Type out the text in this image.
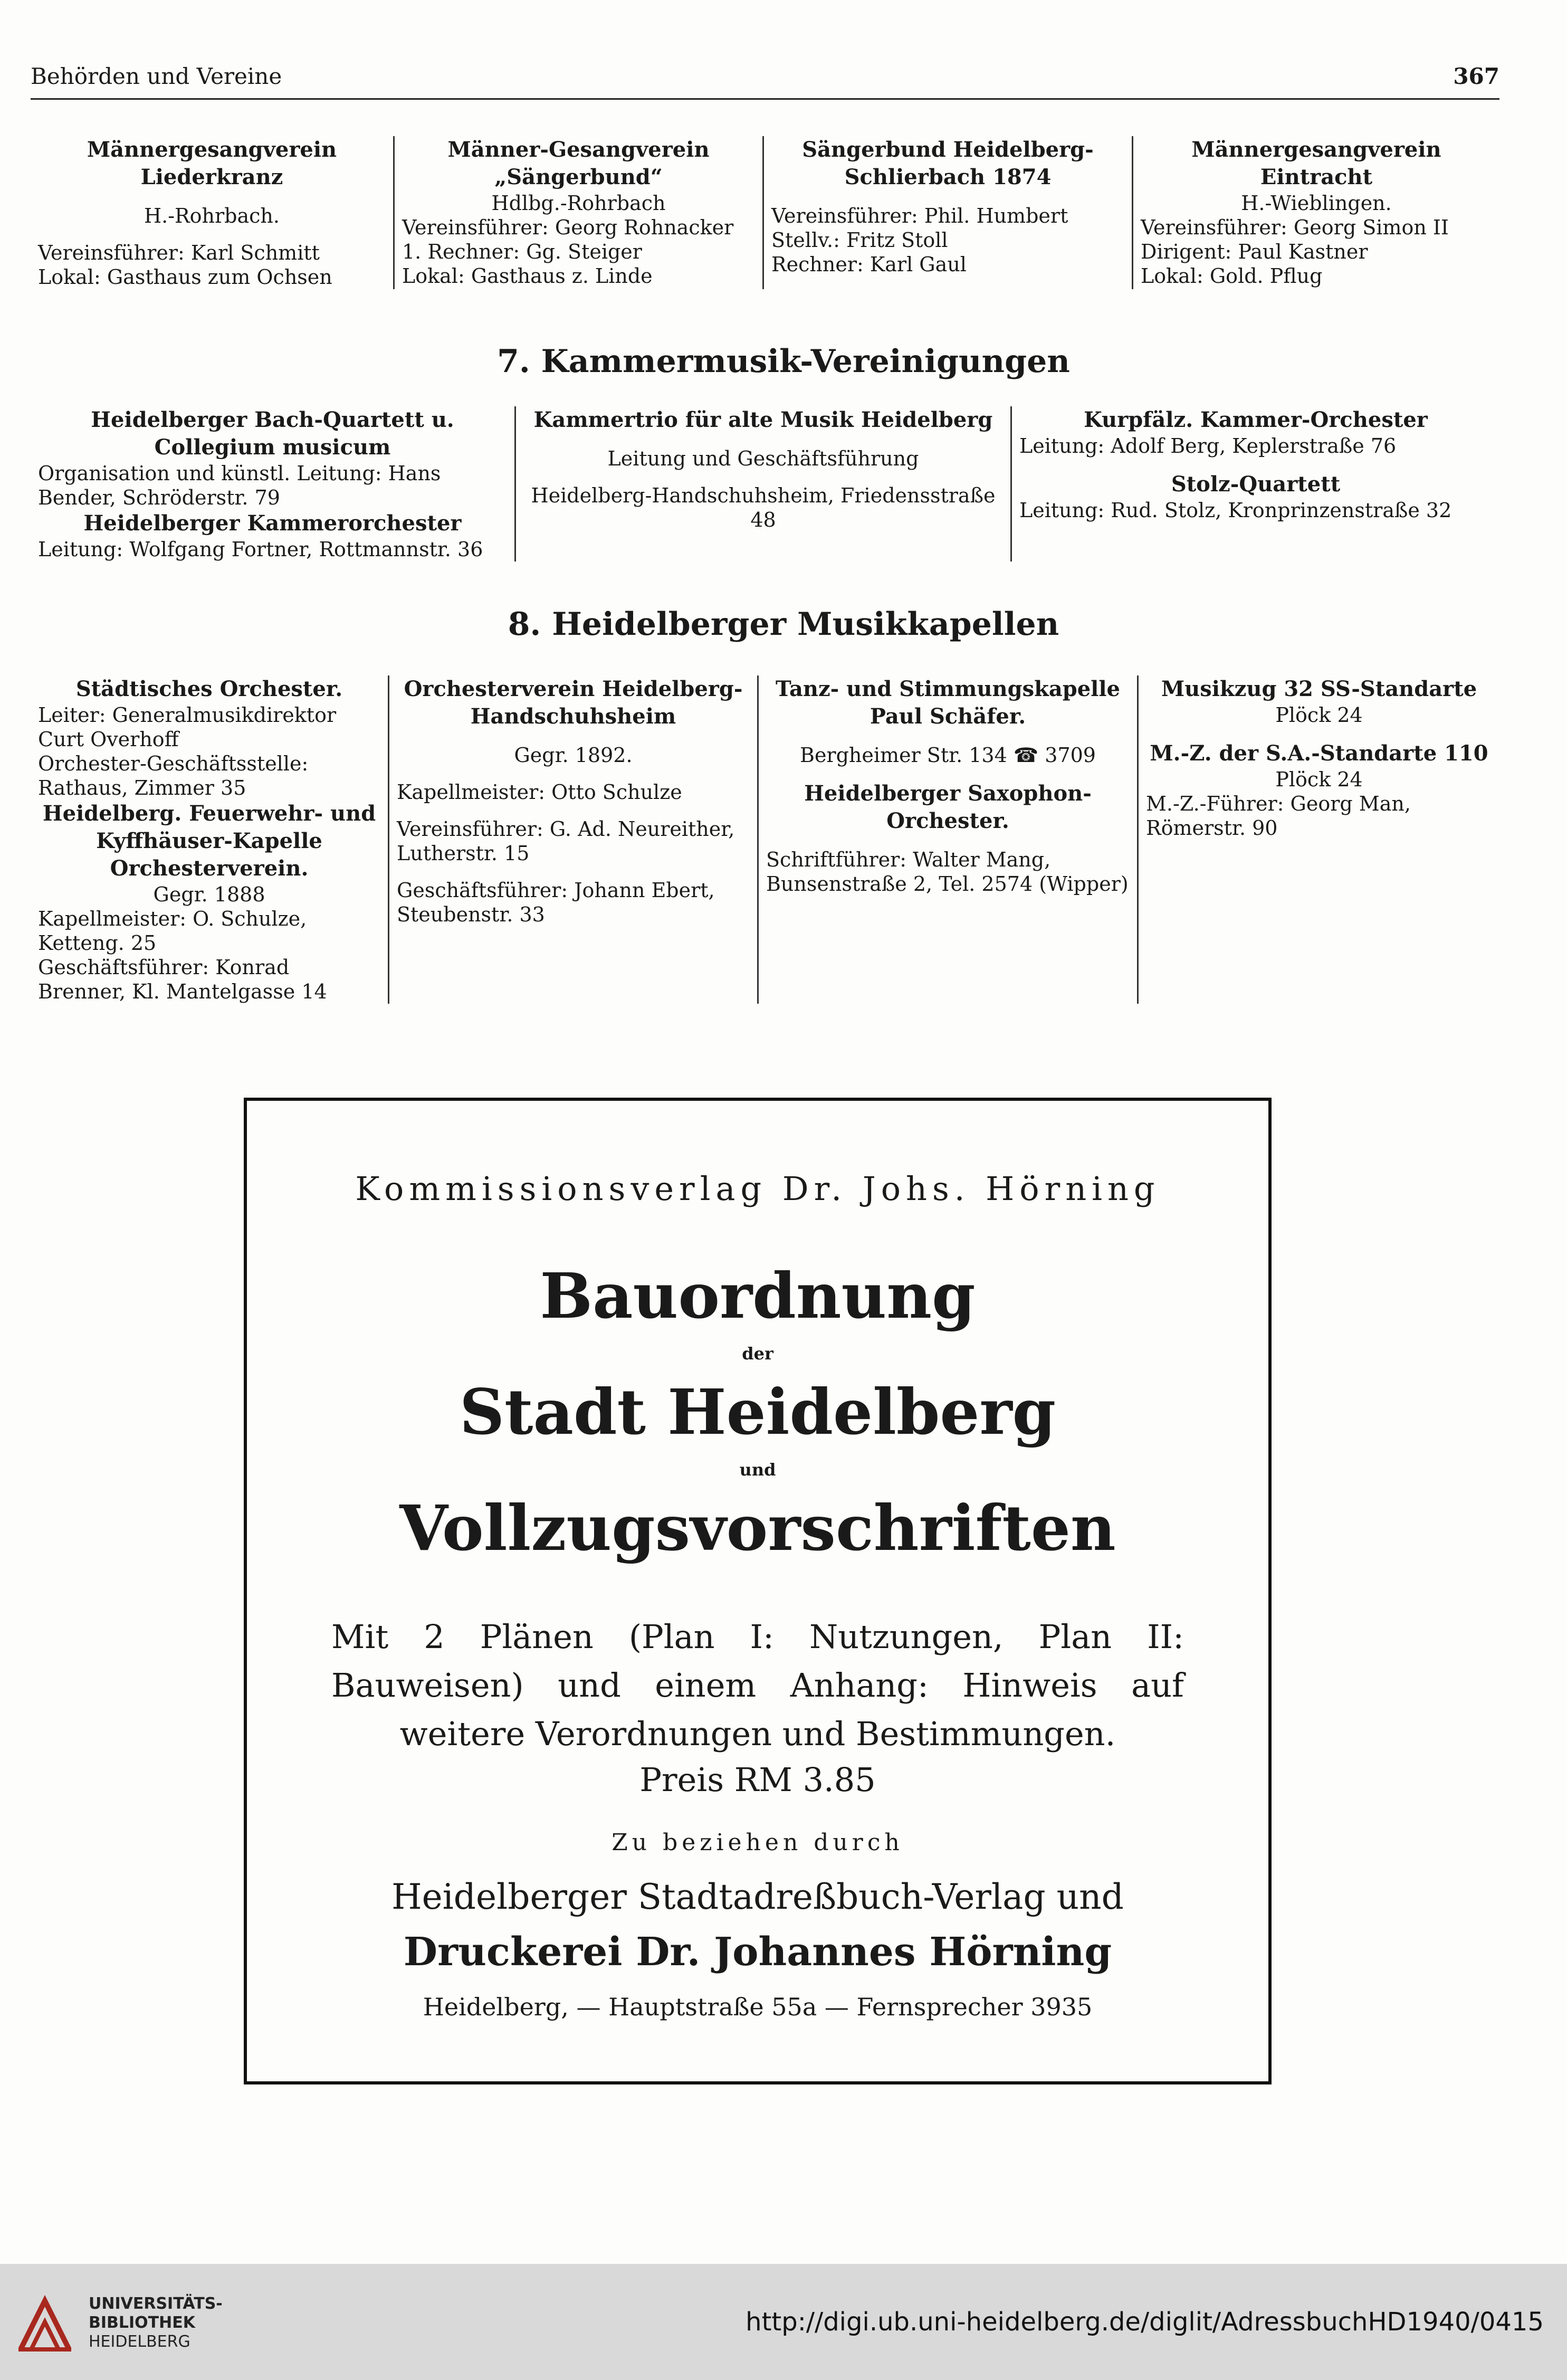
Behörden und Vereine	367
Männergesangverein Liederkranz
H.-Rohrbach.
Vereinsführer: Karl Schmitt
Lokal: Gasthaus zum Ochsen
Männer-Gesangverein „Sängerbund“
Hdlbg.-Rohrbach
Vereinsführer: Georg Rohnacker
1. Rechner: Gg. Steiger
Lokal: Gasthaus z. Linde
Sängerbund Heidelberg-Schlierbach 1874
Vereinsführer: Phil. Humbert
Stellv.: Fritz Stoll
Rechner: Karl Gaul
Männergesangverein Eintracht
H.-Wieblingen.
Vereinsführer: Georg Simon II
Dirigent: Paul Kastner
Lokal: Gold. Pflug
7. Kammermusik-Vereinigungen
Heidelberger Bach-Quartett u. Collegium musicum
Organisation und künstl. Leitung: Hans Bender, Schröderstr. 79
Heidelberger Kammerorchester
Leitung: Wolfgang Fortner, Rottmannstr. 36
Kammertrio für alte Musik Heidelberg
Leitung und Geschäftsführung
Heidelberg-Handschuhsheim, Friedensstraße 48
Kurpfälz. Kammer-Orchester
Leitung: Adolf Berg, Keplerstraße 76
Stolz-Quartett
Leitung: Rud. Stolz, Kronprinzenstraße 32
8. Heidelberger Musikkapellen
Städtisches Orchester.
Leiter: Generalmusikdirektor Curt Overhoff
Orchester-Geschäftsstelle: Rathaus, Zimmer 35
Heidelberg. Feuerwehr- und Kyffhäuser-Kapelle Orchesterverein.
Gegr. 1888
Kapellmeister: O. Schulze, Ketteng. 25
Geschäftsführer: Konrad Brenner, Kl. Mantelgasse 14
Orchesterverein Heidelberg-Handschuhsheim
Gegr. 1892.
Kapellmeister: Otto Schulze
Vereinsführer: G. Ad. Neureither, Lutherstr. 15
Geschäftsführer: Johann Ebert, Steubenstr. 33
Tanz- und Stimmungskapelle Paul Schäfer.
Bergheimer Str. 134 ☎ 3709
Heidelberger Saxophon-Orchester.
Schriftführer: Walter Mang, Bunsenstraße 2, Tel. 2574 (Wipper)
Musikzug 32 SS-Standarte
Plöck 24
M.-Z. der S.A.-Standarte 110
Plöck 24
M.-Z.-Führer: Georg Man, Römerstr. 90
Kommissionsverlag Dr. Johs. Hörning
Bauordnung
der
Stadt Heidelberg
und
Vollzugsvorschriften
Mit 2 Plänen (Plan I: Nutzungen, Plan II: Bauweisen) und einem Anhang: Hinweis auf weitere Verordnungen und Bestimmungen.
Preis RM 3.85
Zu beziehen durch
Heidelberger Stadtadreßbuch-Verlag und
Druckerei Dr. Johannes Hörning
Heidelberg, — Hauptstraße 55a — Fernsprecher 3935
UNIVERSITÄTS-
BIBLIOTHEK
HEIDELBERG
http://digi.ub.uni-heidelberg.de/diglit/AdressbuchHD1940/0415
